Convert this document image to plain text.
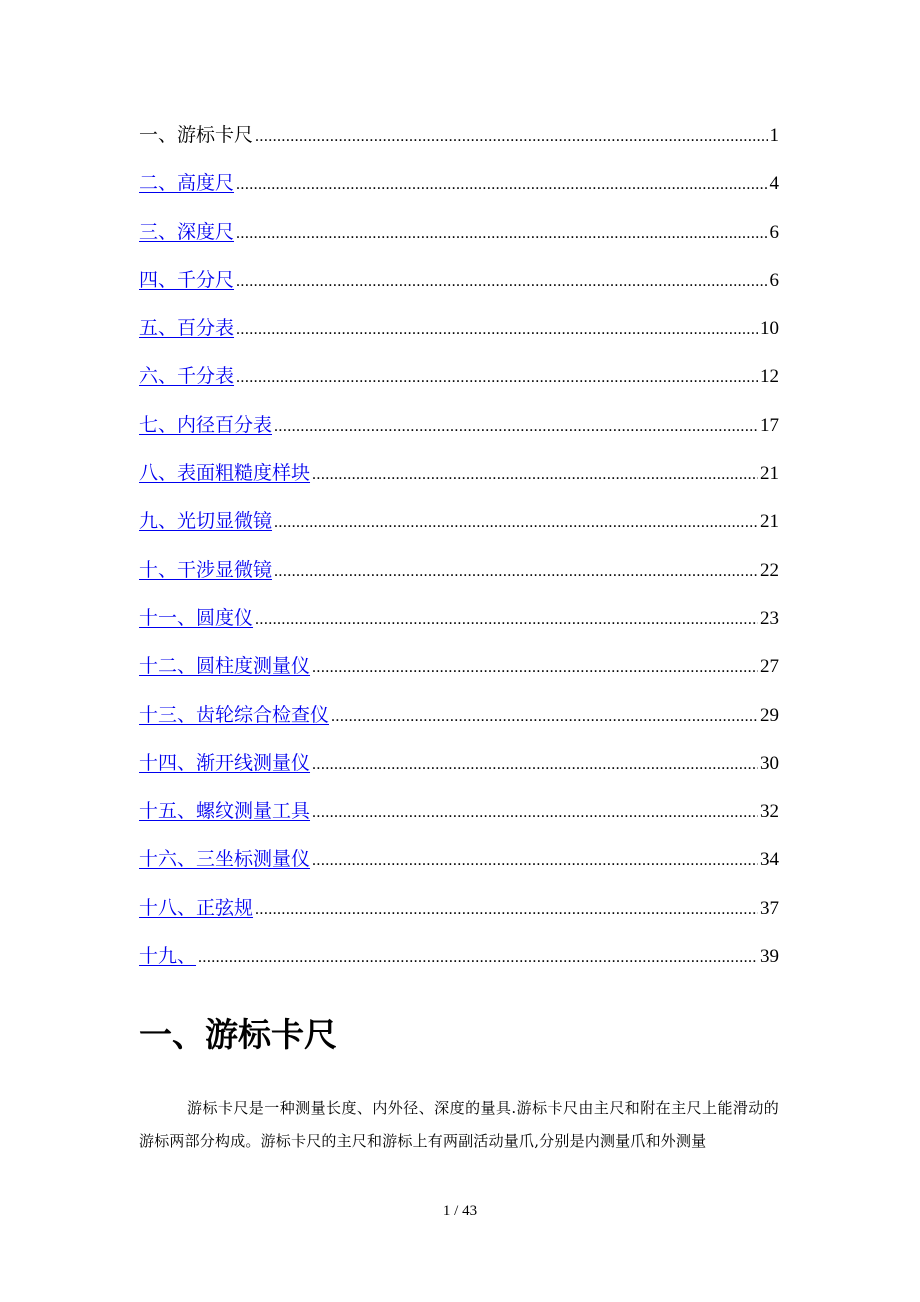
一、游标卡尺 .....	1
二、高度尺 .....	4
三、深度尺 .....	6
四、千分尺 .....	6
五、百分表 .....	10
六、千分表 .....	12
七、内径百分表 .....	17
八、表面粗糙度样块 .....	21
九、光切显微镜 .....	21
十、干涉显微镜 .....	22
十一、圆度仪 .....	23
十二、圆柱度测量仪 .....	27
十三、齿轮综合检查仪 .....	29
十四、渐开线测量仪 .....	30
十五、螺纹测量工具 .....	32
十六、三坐标测量仪 .....	34
十八、正弦规 .....	37
十九、 .....	39
一、游标卡尺

游标卡尺是一种测量长度、内外径、深度的量具.游标卡尺由主尺和附在主尺上能滑动的游标两部分构成。游标卡尺的主尺和游标上有两副活动量爪,分别是内测量爪和外测量

1 / 43
